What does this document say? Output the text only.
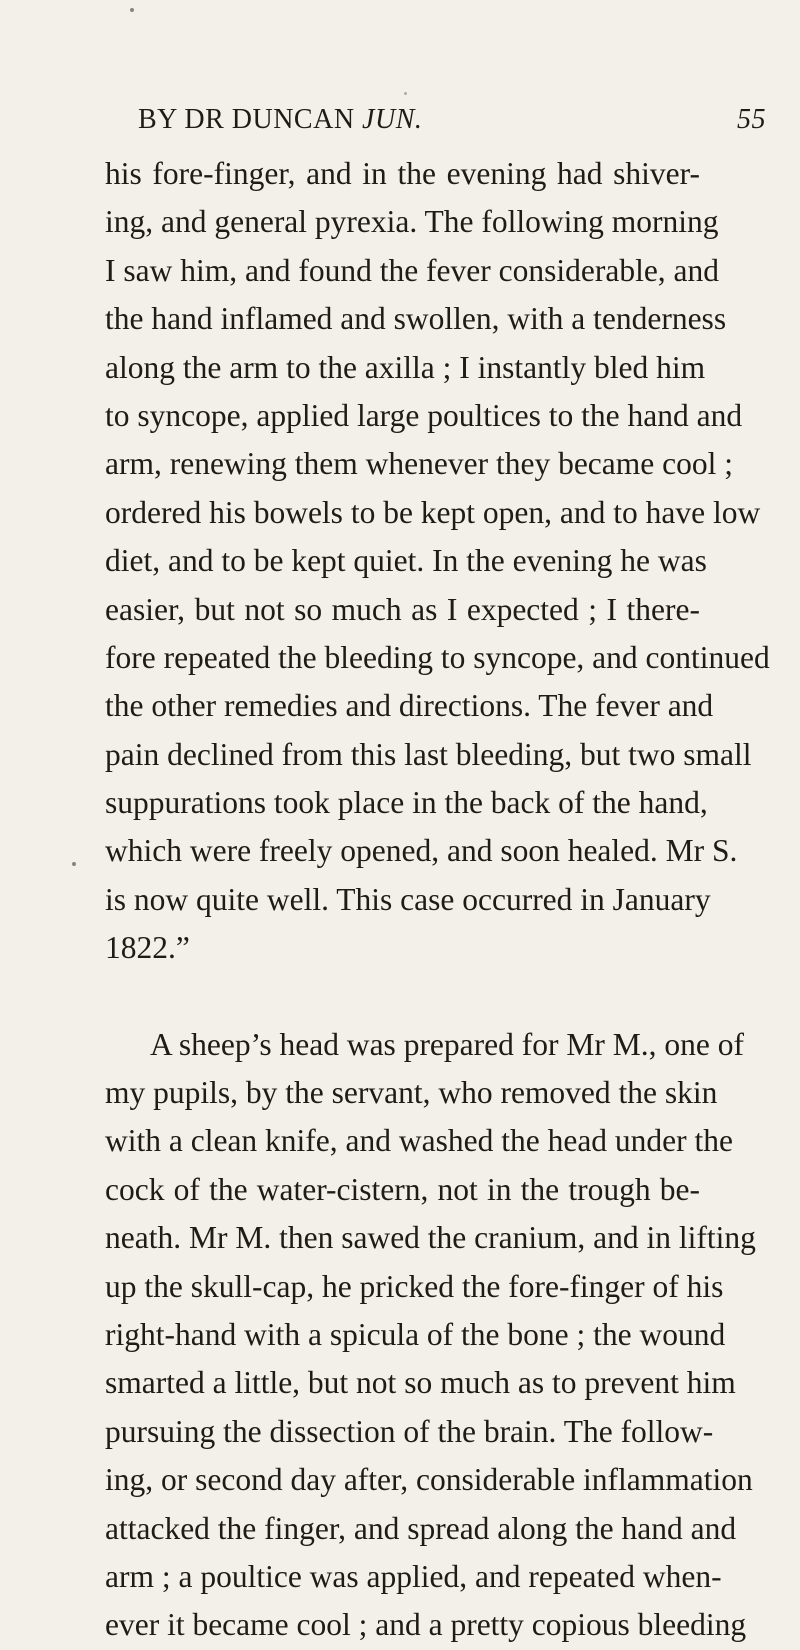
BY DR DUNCAN JUN.	55
his fore-finger, and in the evening had shiver-
ing, and general pyrexia. The following morning
I saw him, and found the fever considerable, and
the hand inflamed and swollen, with a tenderness
along the arm to the axilla ; I instantly bled him
to syncope, applied large poultices to the hand and
arm, renewing them whenever they became cool ;
ordered his bowels to be kept open, and to have low
diet, and to be kept quiet. In the evening he was
easier, but not so much as I expected ; I there-
fore repeated the bleeding to syncope, and continued
the other remedies and directions. The fever and
pain declined from this last bleeding, but two small
suppurations took place in the back of the hand,
which were freely opened, and soon healed. Mr S.
is now quite well. This case occurred in January
1822.”
A sheep’s head was prepared for Mr M., one of
my pupils, by the servant, who removed the skin
with a clean knife, and washed the head under the
cock of the water-cistern, not in the trough be-
neath. Mr M. then sawed the cranium, and in lifting
up the skull-cap, he pricked the fore-finger of his
right-hand with a spicula of the bone ; the wound
smarted a little, but not so much as to prevent him
pursuing the dissection of the brain. The follow-
ing, or second day after, considerable inflammation
attacked the finger, and spread along the hand and
arm ; a poultice was applied, and repeated when-
ever it became cool ; and a pretty copious bleeding
